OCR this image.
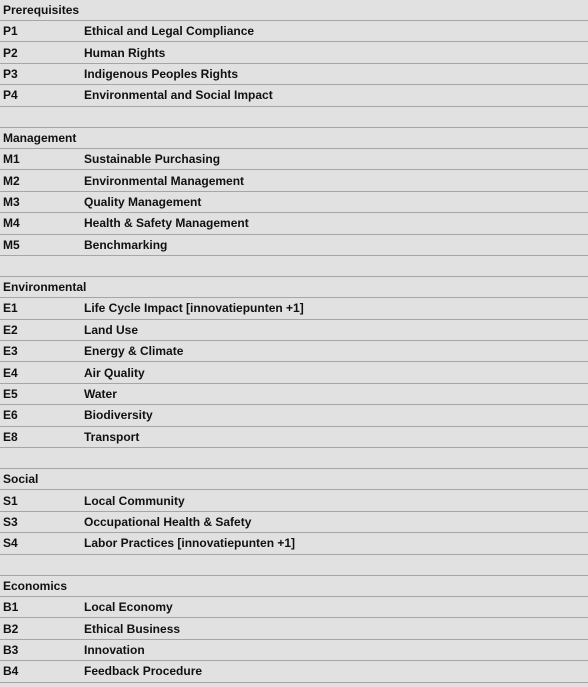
Prerequisites
P1	Ethical and Legal Compliance
P2	Human Rights
P3	Indigenous Peoples Rights
P4	Environmental and Social Impact
Management
M1	Sustainable Purchasing
M2	Environmental Management
M3	Quality Management
M4	Health & Safety Management
M5	Benchmarking
Environmental
E1	Life Cycle Impact [innovatiepunten +1]
E2	Land Use
E3	Energy & Climate
E4	Air Quality
E5	Water
E6	Biodiversity
E8	Transport
Social
S1	Local Community
S3	Occupational Health & Safety
S4	Labor Practices [innovatiepunten +1]
Economics
B1	Local Economy
B2	Ethical Business
B3	Innovation
B4	Feedback Procedure
